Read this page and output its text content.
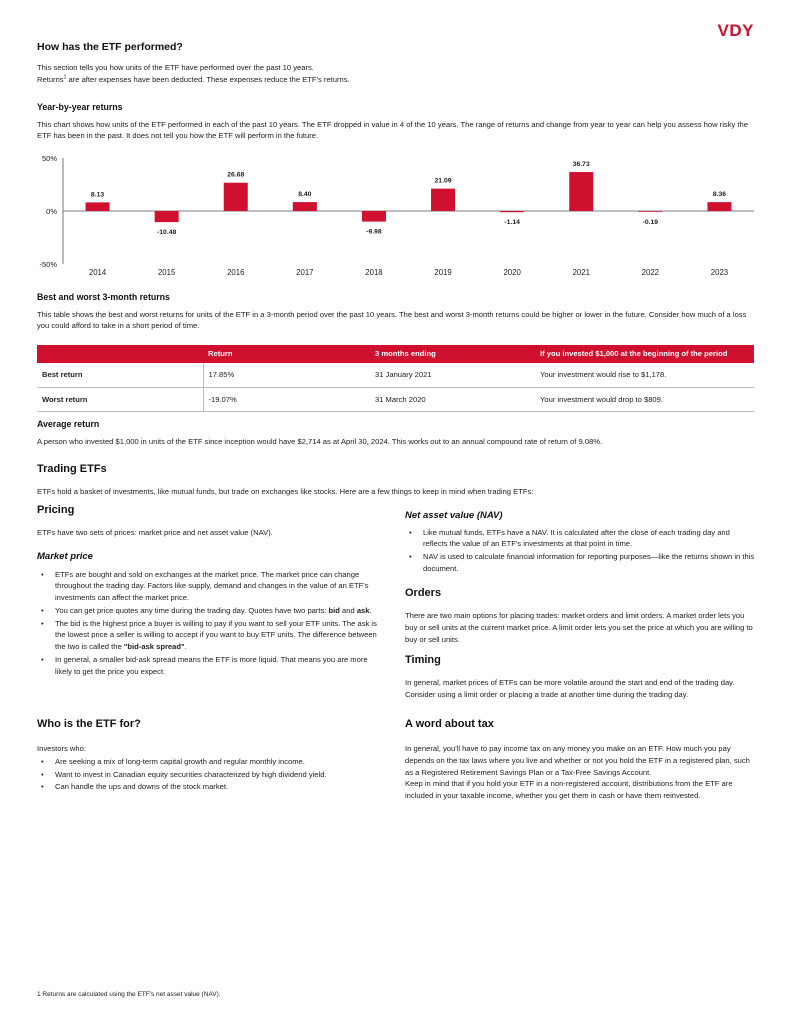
VDY
How has the ETF performed?

This section tells you how units of the ETF have performed over the past 10 years.

Returns$^1$ are after expenses have been deducted. These expenses reduce the ETF's returns.

Year-by-year returns

This chart shows how units of the ETF performed in each of the past 10 years. The ETF dropped in value in 4 of the 10 years. The range of returns and change from year to year can help you assess how risky the ETF has been in the past. It does not tell you how the ETF will perform in the future.

50%
0%
-50%
8.13
2014
-10.48
2015
26.68
2016
8.40
2017
-9.98
2018
21.09
2019
-1.14
2020
36.73
2021
-0.19
2022
8.36
2023
Best and worst 3-month returns

This table shows the best and worst returns for units of the ETF in a 3-month period over the past 10 years. The best and worst 3-month returns could be higher or lower in the future. Consider how much of a loss you could afford to take in a short period of time.

	Return	3 months ending	If you invested $1,000 at the beginning of the period
Best return	17.85%	31 January 2021	Your investment would rise to $1,178.
Worst return	-19.07%	31 March 2020	Your investment would drop to $809.
Average return

A person who invested $1,000 in units of the ETF since inception would have $2,714 as at April 30, 2024. This works out to an annual compound rate of return of 9.08%.

Trading ETFs

ETFs hold a basket of investments, like mutual funds, but trade on exchanges like stocks. Here are a few things to keep in mind when trading ETFs:

Pricing

ETFs have two sets of prices: market price and net asset value (NAV).

Market price
• ETFs are bought and sold on exchanges at the market price. The market price can change throughout the trading day. Factors like supply, demand and changes in the value of an ETF's investments can affect the market price.
• You can get price quotes any time during the trading day. Quotes have two parts: bid and ask.
• The bid is the highest price a buyer is willing to pay if you want to sell your ETF units. The ask is the lowest price a seller is willing to accept if you want to buy ETF units. The difference between the two is called the "bid-ask spread".
• In general, a smaller bid-ask spread means the ETF is more liquid. That means you are more likely to get the price you expect.
Who is the ETF for?

Investors who:

• Are seeking a mix of long-term capital growth and regular monthly income.
• Want to invest in Canadian equity securities characterized by high dividend yield.
• Can handle the ups and downs of the stock market.
Net asset value (NAV)
• Like mutual funds, ETFs have a NAV. It is calculated after the close of each trading day and reflects the value of an ETF's investments at that point in time.
• NAV is used to calculate financial information for reporting purposes—like the returns shown in this document.
Orders

There are two main options for placing trades: market orders and limit orders. A market order lets you buy or sell units at the current market price. A limit order lets you set the price at which you are willing to buy or sell units.

Timing

In general, market prices of ETFs can be more volatile around the start and end of the trading day. Consider using a limit order or placing a trade at another time during the trading day.

A word about tax

In general, you'll have to pay income tax on any money you make on an ETF. How much you pay depends on the tax laws where you live and whether or not you hold the ETF in a registered plan, such as a Registered Retirement Savings Plan or a Tax-Free Savings Account.

Keep in mind that if you hold your ETF in a non-registered account, distributions from the ETF are included in your taxable income, whether you get them in cash or have them reinvested.

1 Returns are calculated using the ETF's net asset value (NAV).
